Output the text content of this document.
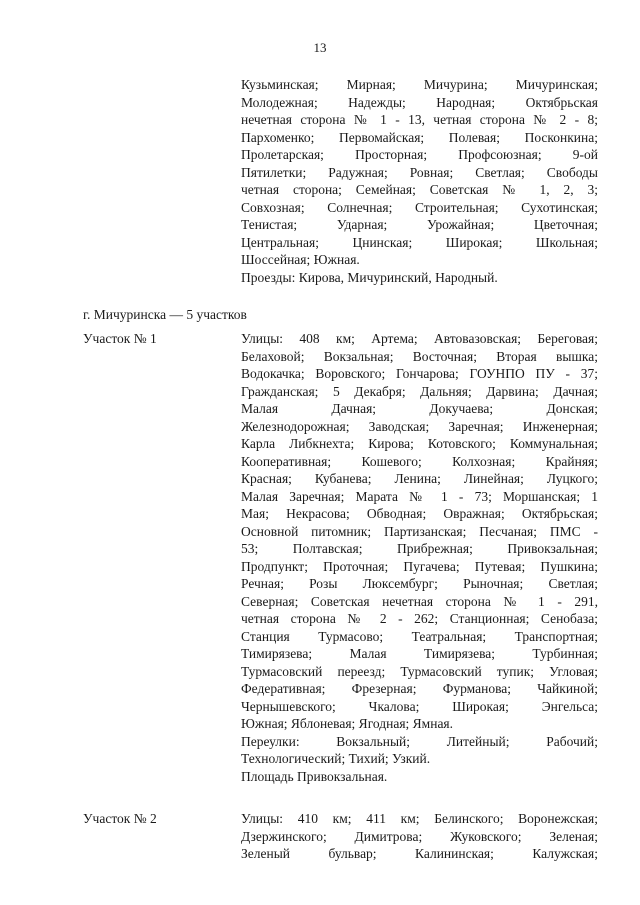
13
Кузьминская; Мирная; Мичурина; Мичуринская;
Молодежная; Надежды; Народная; Октябрьская
нечетная сторона № 1 - 13, четная сторона № 2 - 8;
Пархоменко; Первомайская; Полевая; Посконкина;
Пролетарская; Просторная; Профсоюзная; 9-ой
Пятилетки; Радужная; Ровная; Светлая; Свободы
четная сторона; Семейная; Советская № 1, 2, 3;
Совхозная; Солнечная; Строительная; Сухотинская;
Тенистая; Ударная; Урожайная; Цветочная;
Центральная; Цнинская; Широкая; Школьная;
Шоссейная; Южная.
Проезды: Кирова, Мичуринский, Народный.
г. Мичуринска — 5 участков
Участок № 1	Улицы: 408 км; Артема; Автовазовская; Береговая;
Белаховой; Вокзальная; Восточная; Вторая вышка;
Водокачка; Воровского; Гончарова; ГОУНПО ПУ - 37;
Гражданская; 5 Декабря; Дальняя; Дарвина; Дачная;
Малая Дачная; Докучаева; Донская;
Железнодорожная; Заводская; Заречная; Инженерная;
Карла Либкнехта; Кирова; Котовского; Коммунальная;
Кооперативная; Кошевого; Колхозная; Крайняя;
Красная; Кубанева; Ленина; Линейная; Луцкого;
Малая Заречная; Марата № 1 - 73; Моршанская; 1
Мая; Некрасова; Обводная; Овражная; Октябрьская;
Основной питомник; Партизанская; Песчаная; ПМС -
53; Полтавская; Прибрежная; Привокзальная;
Продпункт; Проточная; Пугачева; Путевая; Пушкина;
Речная; Розы Люксембург; Рыночная; Светлая;
Северная; Советская нечетная сторона № 1 - 291,
четная сторона № 2 - 262; Станционная; Сенобаза;
Станция Турмасово; Театральная; Транспортная;
Тимирязева; Малая Тимирязева; Турбинная;
Турмасовский переезд; Турмасовский тупик; Угловая;
Федеративная; Фрезерная; Фурманова; Чайкиной;
Чернышевского; Чкалова; Широкая; Энгельса;
Южная; Яблоневая; Ягодная; Ямная.
Переулки: Вокзальный; Литейный; Рабочий;
Технологический; Тихий; Узкий.
Площадь Привокзальная.
Участок № 2	Улицы: 410 км; 411 км; Белинского; Воронежская;
Дзержинского; Димитрова; Жуковского; Зеленая;
Зеленый бульвар; Калининская; Калужская;
